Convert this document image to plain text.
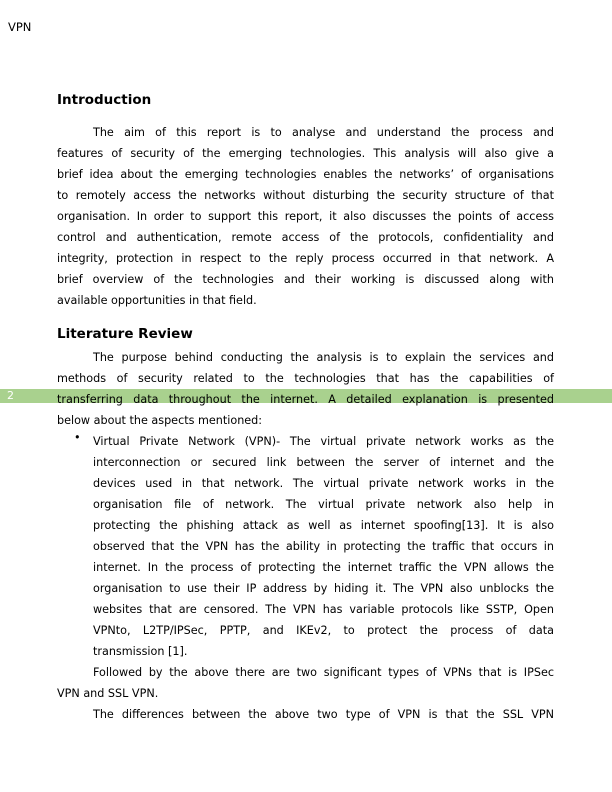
VPN
2
Introduction
The aim of this report is to analyse and understand the process and
features of security of the emerging technologies. This analysis will also give a
brief idea about the emerging technologies enables the networks’ of organisations
to remotely access the networks without disturbing the security structure of that
organisation. In order to support this report, it also discusses the points of access
control and authentication, remote access of the protocols, confidentiality and
integrity, protection in respect to the reply process occurred in that network. A
brief overview of the technologies and their working is discussed along with
available opportunities in that field.
Literature Review
The purpose behind conducting the analysis is to explain the services and
methods of security related to the technologies that has the capabilities of
transferring data throughout the internet. A detailed explanation is presented
below about the aspects mentioned:
• Virtual Private Network (VPN)- The virtual private network works as the
interconnection or secured link between the server of internet and the
devices used in that network. The virtual private network works in the
organisation file of network. The virtual private network also help in
protecting the phishing attack as well as internet spoofing[13]. It is also
observed that the VPN has the ability in protecting the traffic that occurs in
internet. In the process of protecting the internet traffic the VPN allows the
organisation to use their IP address by hiding it. The VPN also unblocks the
websites that are censored. The VPN has variable protocols like SSTP, Open
VPNto, L2TP/IPSec, PPTP, and IKEv2, to protect the process of data
transmission [1].
Followed by the above there are two significant types of VPNs that is IPSec
VPN and SSL VPN.
The differences between the above two type of VPN is that the SSL VPN
